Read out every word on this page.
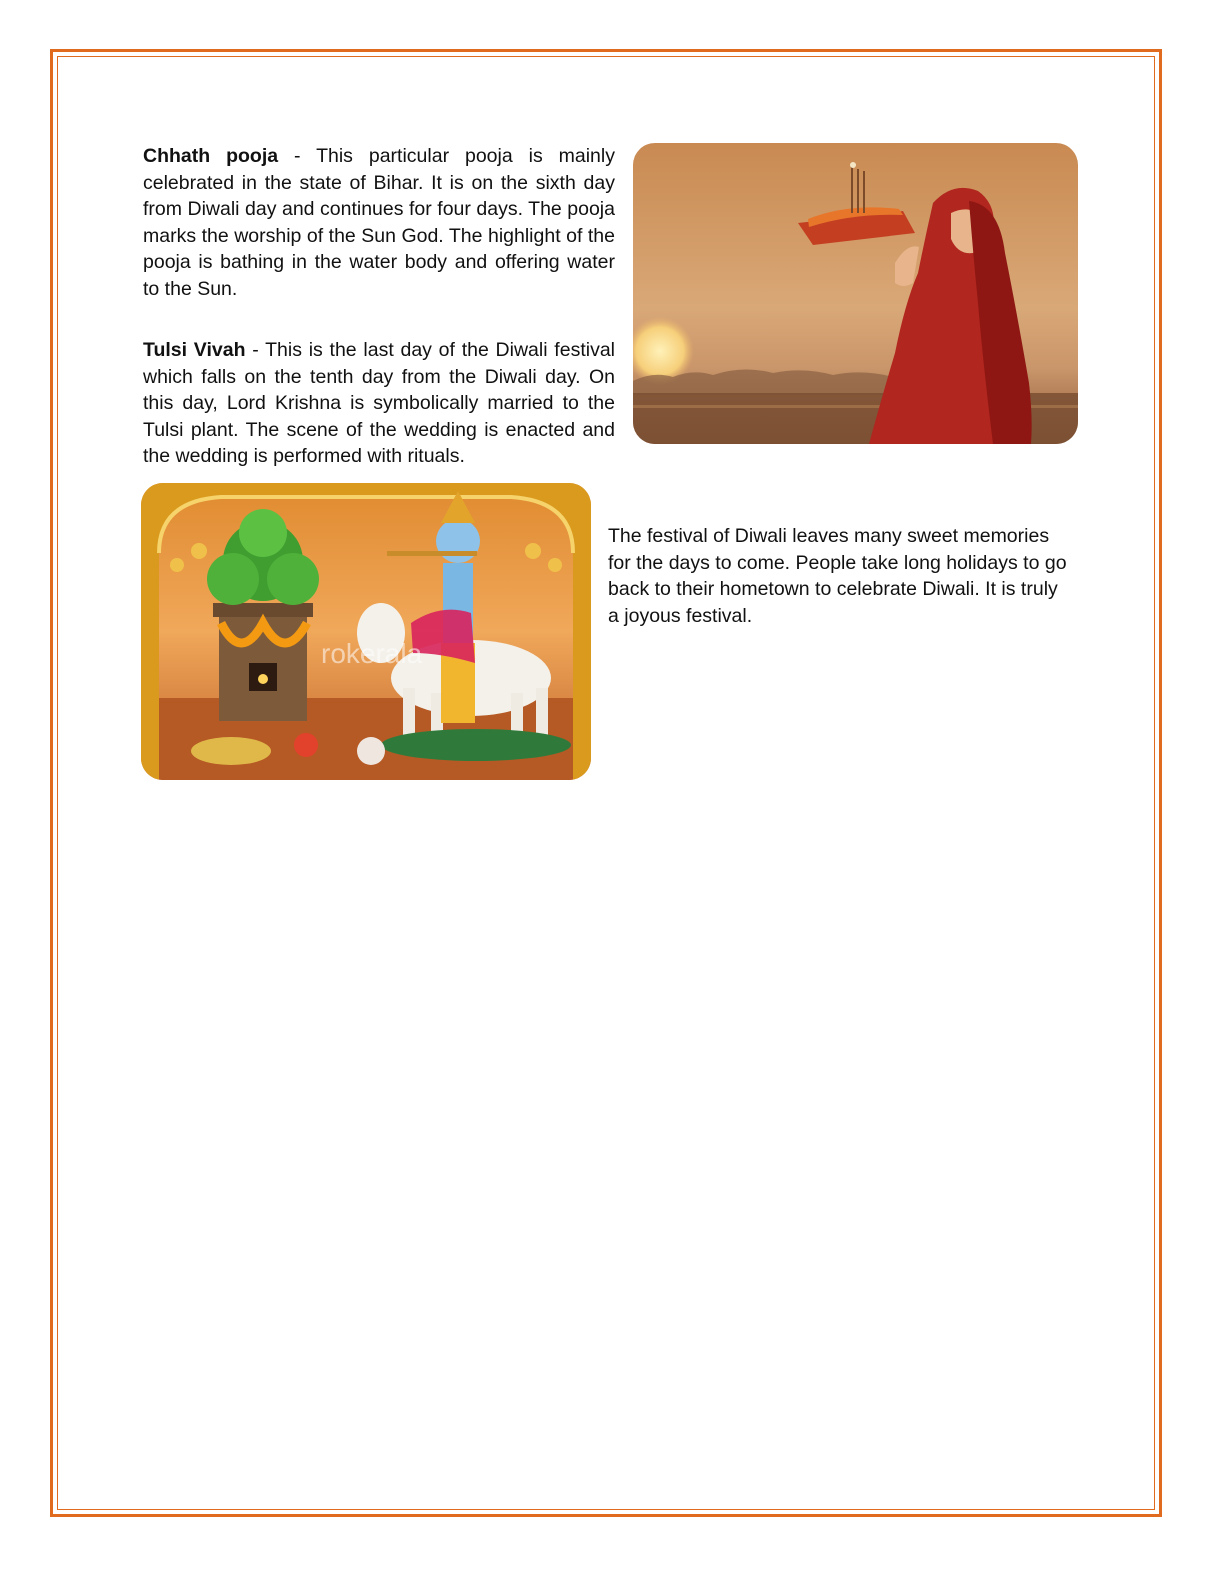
Chhath pooja - This particular pooja is mainly celebrated in the state of Bihar. It is on the sixth day from Diwali day and continues for four days. The pooja marks the worship of the Sun God. The highlight of the pooja is bathing in the water body and offering water to the Sun.

Tulsi Vivah - This is the last day of the Diwali festival which falls on the tenth day from the Diwali day. On this day, Lord Krishna is symbolically married to the Tulsi plant. The scene of the wedding is enacted and the wedding is performed with rituals.

The festival of Diwali leaves many sweet memories for the days to come. People take long holidays to go back to their hometown to celebrate Diwali. It is truly a joyous festival.

rokerala
